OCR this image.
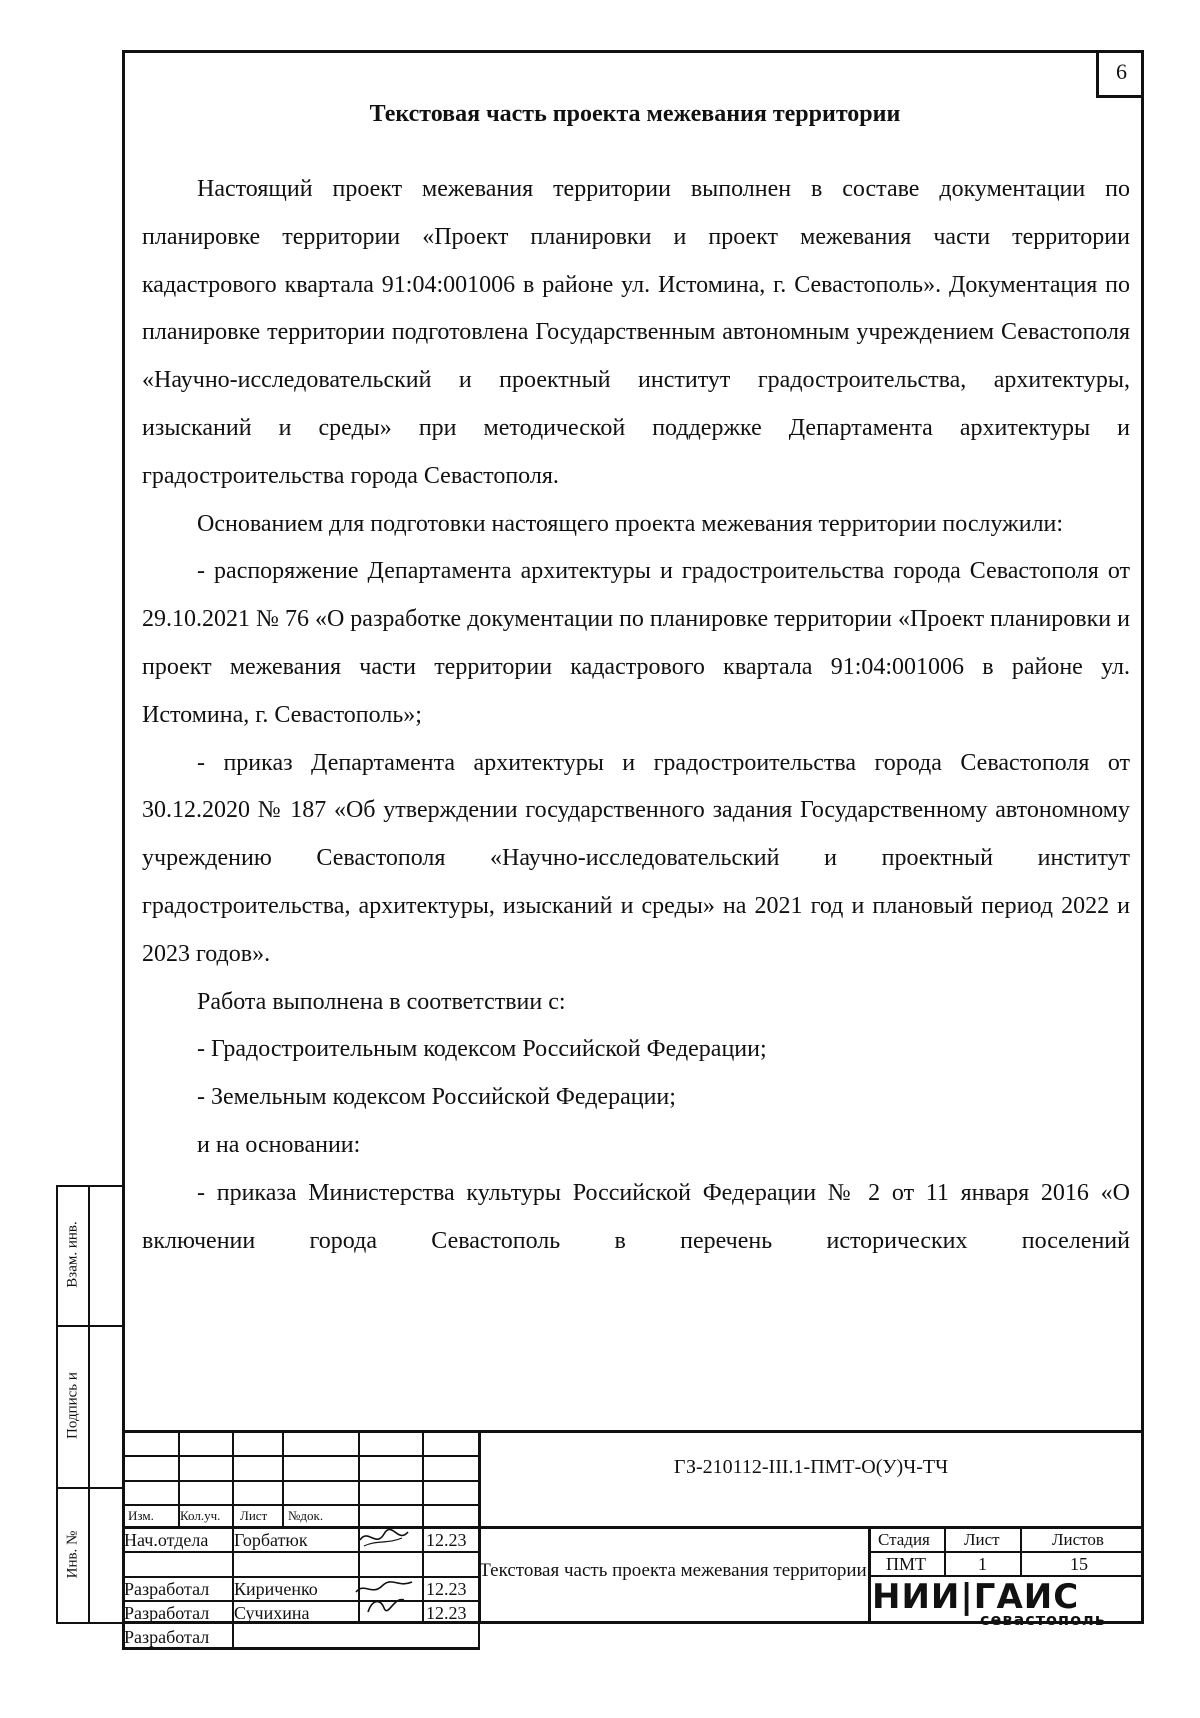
6
Текстовая часть проекта межевания территории

Настоящий проект межевания территории выполнен в составе документации по планировке территории «Проект планировки и проект межевания части территории кадастрового квартала 91:04:001006 в районе ул. Истомина, г. Севастополь». Документация по планировке территории подготовлена Государственным автономным учреждением Севастополя «Научно-исследовательский и проектный институт градостроительства, архитектуры, изысканий и среды» при методической поддержке Департамента архитектуры и градостроительства города Севастополя.

Основанием для подготовки настоящего проекта межевания территории послужили:

- распоряжение Департамента архитектуры и градостроительства города Севастополя от 29.10.2021 № 76 «О разработке документации по планировке территории «Проект планировки и проект межевания части территории кадастрового квартала 91:04:001006 в районе ул. Истомина, г. Севастополь»;

- приказ Департамента архитектуры и градостроительства города Севастополя от 30.12.2020 № 187 «Об утверждении государственного задания Государственному автономному учреждению Севастополя «Научно-исследовательский и проектный институт градостроительства, архитектуры, изысканий и среды» на 2021 год и плановый период 2022 и 2023 годов».

Работа выполнена в соответствии с:

- Градостроительным кодексом Российской Федерации;

- Земельным кодексом Российской Федерации;

и на основании:

- приказа Министерства культуры Российской Федерации № 2 от 11 января 2016 «О включении города Севастополь в перечень исторических поселений

Взам. инв.
Подпись и
Инв. №
Изм. Кол.уч. Лист №док.
Нач.отдела Горбатюк	12.23
Разработал Кириченко	12.23
Разработал Сучихина	12.23
Разработал
ГЗ-210112-III.1-ПМТ-О(У)Ч-ТЧ
Текстовая часть проекта межевания территории
Стадия Лист	Листов
ПМТ	1	15
НИИ|ГАИС
севастополь
